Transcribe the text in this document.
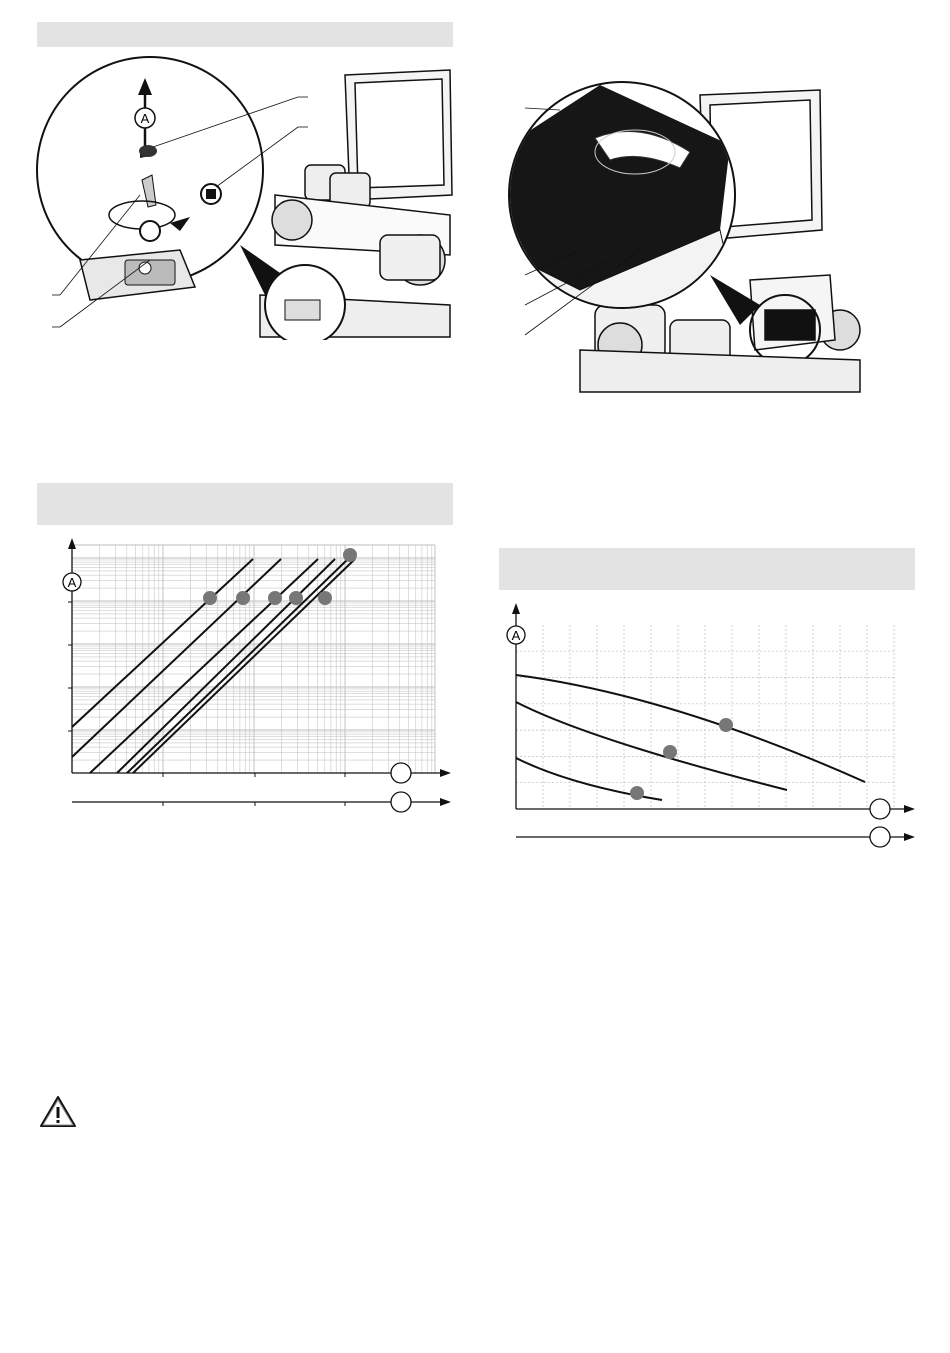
A
A
A
